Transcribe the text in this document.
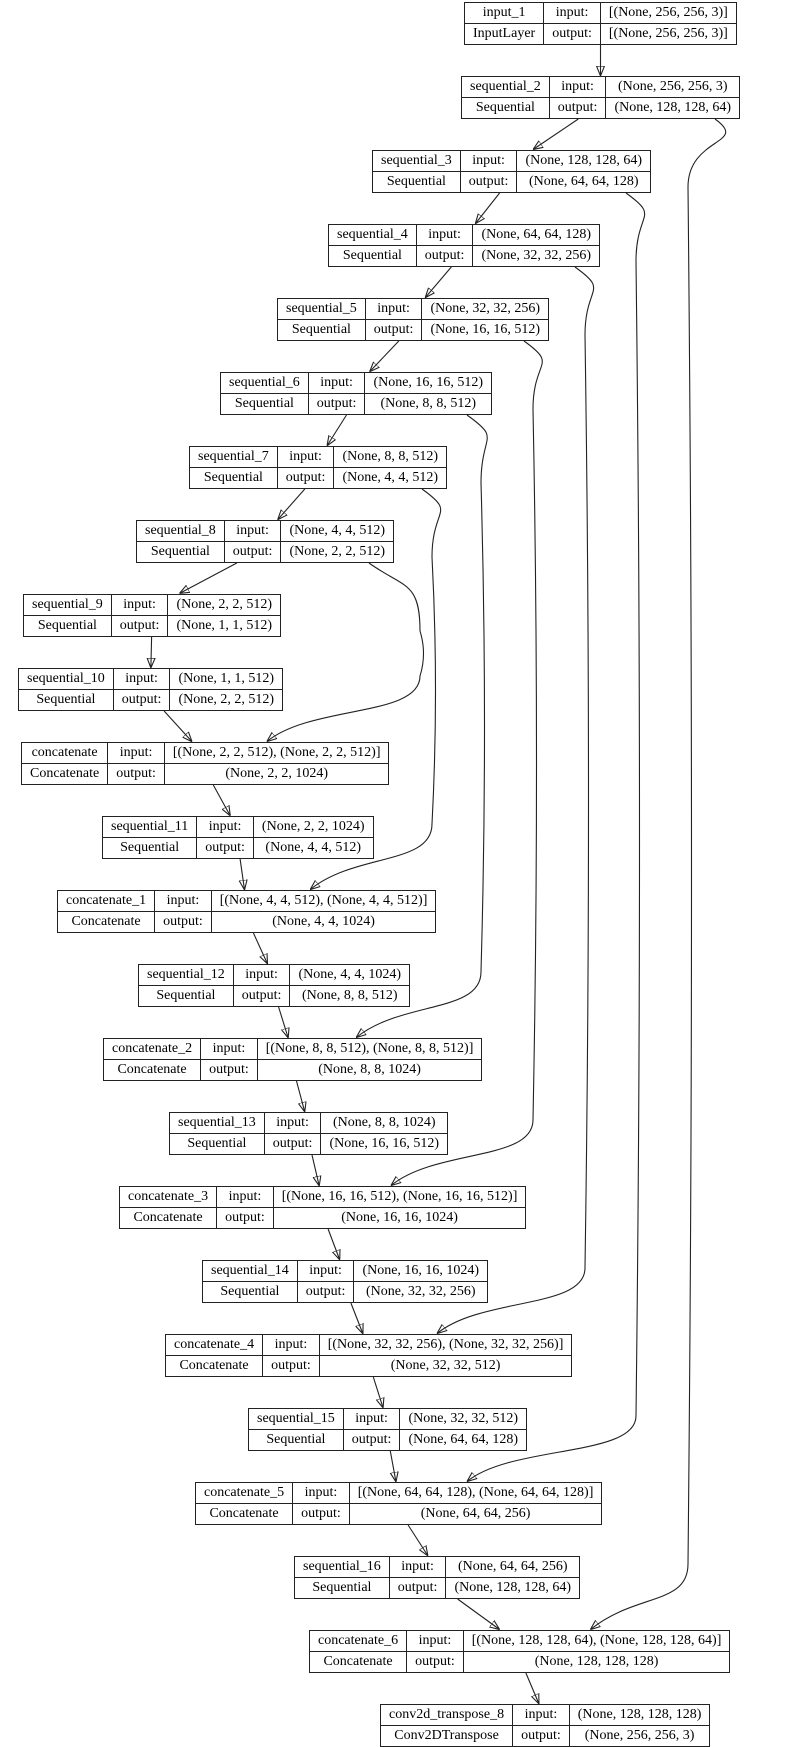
input_1	input:	[(None, 256, 256, 3)]
InputLayer	output:	[(None, 256, 256, 3)]
sequential_2	input:	(None, 256, 256, 3)
Sequential	output:	(None, 128, 128, 64)
sequential_3	input:	(None, 128, 128, 64)
Sequential	output:	(None, 64, 64, 128)
sequential_4	input:	(None, 64, 64, 128)
Sequential	output:	(None, 32, 32, 256)
sequential_5	input:	(None, 32, 32, 256)
Sequential	output:	(None, 16, 16, 512)
sequential_6	input:	(None, 16, 16, 512)
Sequential	output:	(None, 8, 8, 512)
sequential_7	input:	(None, 8, 8, 512)
Sequential	output:	(None, 4, 4, 512)
sequential_8	input:	(None, 4, 4, 512)
Sequential	output:	(None, 2, 2, 512)
sequential_9	input:	(None, 2, 2, 512)
Sequential	output:	(None, 1, 1, 512)
sequential_10	input:	(None, 1, 1, 512)
Sequential	output:	(None, 2, 2, 512)
concatenate	input:	[(None, 2, 2, 512), (None, 2, 2, 512)]
Concatenate	output:	(None, 2, 2, 1024)
sequential_11	input:	(None, 2, 2, 1024)
Sequential	output:	(None, 4, 4, 512)
concatenate_1	input:	[(None, 4, 4, 512), (None, 4, 4, 512)]
Concatenate	output:	(None, 4, 4, 1024)
sequential_12	input:	(None, 4, 4, 1024)
Sequential	output:	(None, 8, 8, 512)
concatenate_2	input:	[(None, 8, 8, 512), (None, 8, 8, 512)]
Concatenate	output:	(None, 8, 8, 1024)
sequential_13	input:	(None, 8, 8, 1024)
Sequential	output:	(None, 16, 16, 512)
concatenate_3	input:	[(None, 16, 16, 512), (None, 16, 16, 512)]
Concatenate	output:	(None, 16, 16, 1024)
sequential_14	input:	(None, 16, 16, 1024)
Sequential	output:	(None, 32, 32, 256)
concatenate_4	input:	[(None, 32, 32, 256), (None, 32, 32, 256)]
Concatenate	output:	(None, 32, 32, 512)
sequential_15	input:	(None, 32, 32, 512)
Sequential	output:	(None, 64, 64, 128)
concatenate_5	input:	[(None, 64, 64, 128), (None, 64, 64, 128)]
Concatenate	output:	(None, 64, 64, 256)
sequential_16	input:	(None, 64, 64, 256)
Sequential	output:	(None, 128, 128, 64)
concatenate_6	input:	[(None, 128, 128, 64), (None, 128, 128, 64)]
Concatenate	output:	(None, 128, 128, 128)
conv2d_transpose_8	input:	(None, 128, 128, 128)
Conv2DTranspose	output:	(None, 256, 256, 3)
